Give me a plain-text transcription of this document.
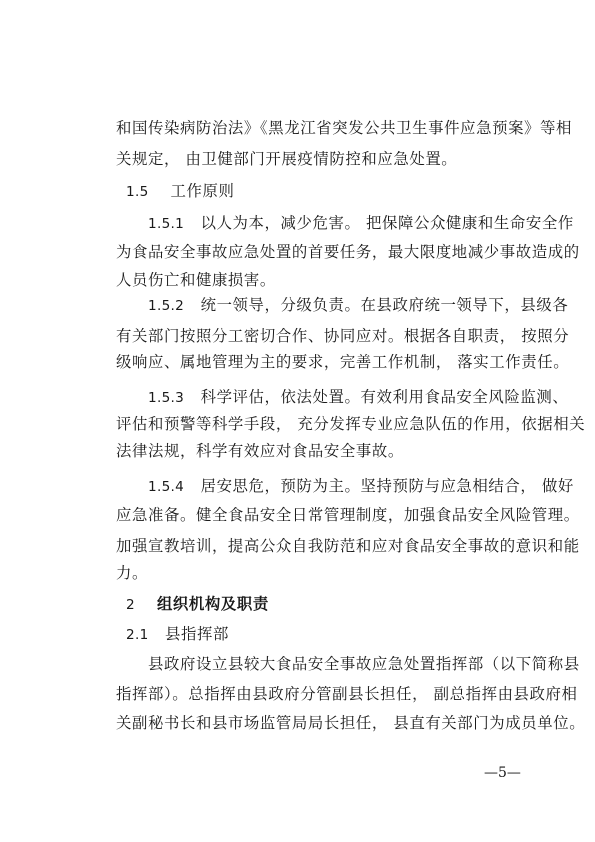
和国传染病防治法》《黑龙江省突发公共卫生事件应急预案》等相
关规定， 由卫健部门开展疫情防控和应急处置。
1.5 工作原则
1.5.1 以人为本，减少危害。 把保障公众健康和生命安全作
为食品安全事故应急处置的首要任务，最大限度地减少事故造成的
人员伤亡和健康损害。
1.5.2 统一领导，分级负责。在县政府统一领导下，县级各
有关部门按照分工密切合作、协同应对。根据各自职责， 按照分
级响应、属地管理为主的要求，完善工作机制， 落实工作责任。
1.5.3 科学评估，依法处置。有效利用食品安全风险监测、
评估和预警等科学手段， 充分发挥专业应急队伍的作用，依据相关
法律法规，科学有效应对食品安全事故。
1.5.4 居安思危，预防为主。坚持预防与应急相结合， 做好
应急准备。健全食品安全日常管理制度，加强食品安全风险管理。
加强宣教培训，提高公众自我防范和应对食品安全事故的意识和能
力。
2 组织机构及职责
2.1 县指挥部
县政府设立县较大食品安全事故应急处置指挥部（以下简称县
指挥部）。总指挥由县政府分管副县长担任， 副总指挥由县政府相
关副秘书长和县市场监管局局长担任， 县直有关部门为成员单位。
—5—
